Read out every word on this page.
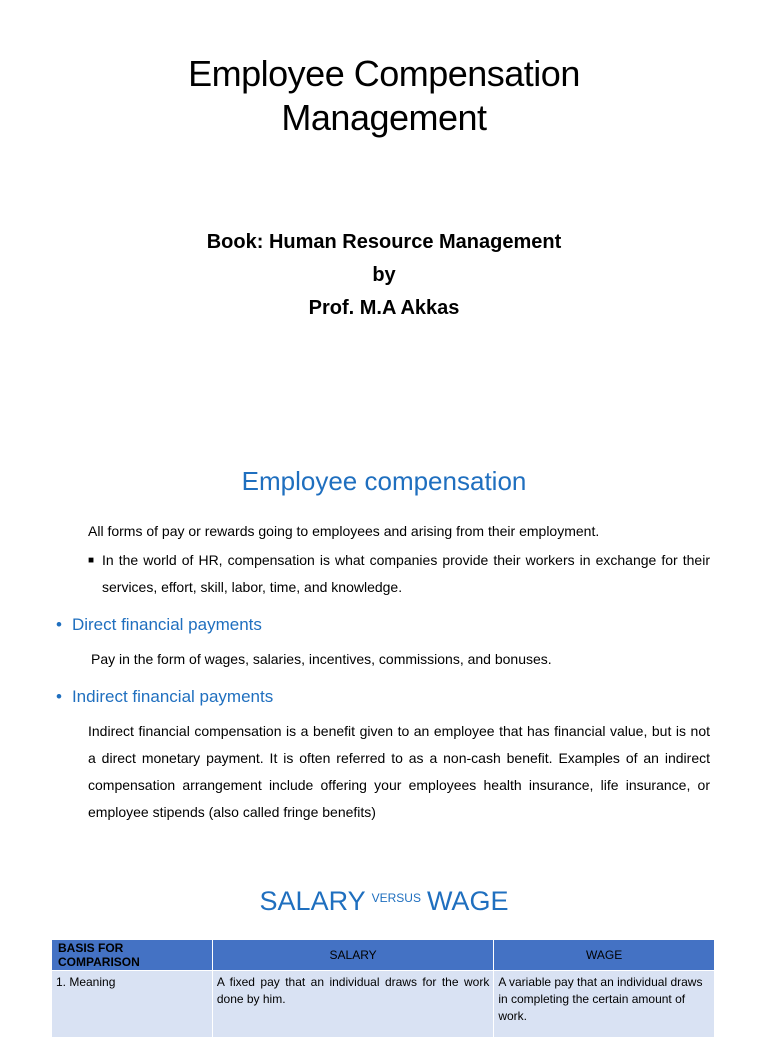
Employee Compensation
Management
Book: Human Resource Management
by
Prof. M.A Akkas
Employee compensation
All forms of pay or rewards going to employees and arising from their employment.
■ In the world of HR, compensation is what companies provide their workers in exchange for their services, effort, skill, labor, time, and knowledge.
• Direct financial payments
Pay in the form of wages, salaries, incentives, commissions, and bonuses.
• Indirect financial payments
Indirect financial compensation is a benefit given to an employee that has financial value, but is not a direct monetary payment. It is often referred to as a non-cash benefit. Examples of an indirect compensation arrangement include offering your employees health insurance, life insurance, or employee stipends (also called fringe benefits)
SALARY $^{VERSUS}$ WAGE
BASIS FOR COMPARISON	SALARY	WAGE
1. Meaning	A fixed pay that an individual draws for the work done by him.	A variable pay that an individual draws in completing the certain amount of work.
